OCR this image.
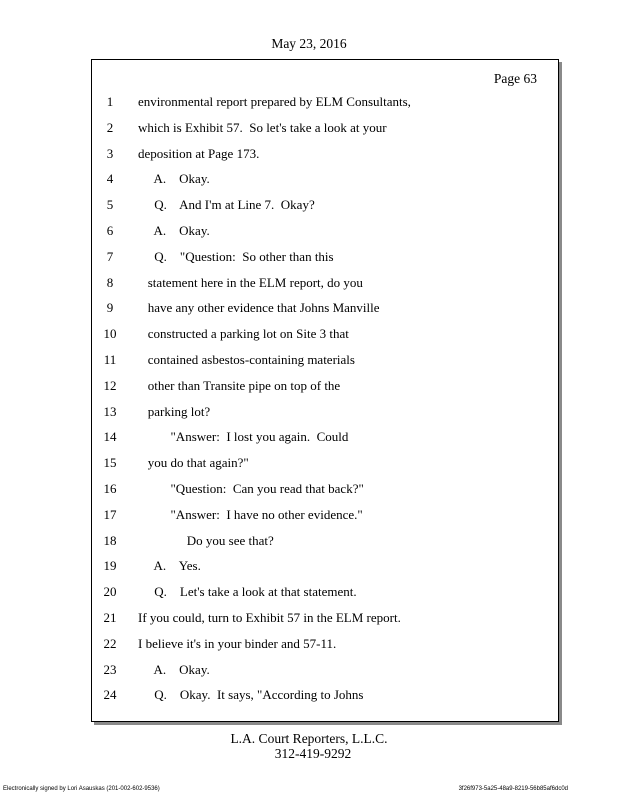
May 23, 2016
Page 63
1	environmental report prepared by ELM Consultants,
2	which is Exhibit 57.  So let's take a look at your
3	deposition at Page 173.
4	A.    Okay.
5	Q.    And I'm at Line 7.  Okay?
6	A.    Okay.
7	Q.    "Question:  So other than this
8	statement here in the ELM report, do you
9	have any other evidence that Johns Manville
10	constructed a parking lot on Site 3 that
11	contained asbestos-containing materials
12	other than Transite pipe on top of the
13	parking lot?
14	"Answer:  I lost you again.  Could
15	you do that again?"
16	"Question:  Can you read that back?"
17	"Answer:  I have no other evidence."
18	Do you see that?
19	A.    Yes.
20	Q.    Let's take a look at that statement.
21	If you could, turn to Exhibit 57 in the ELM report.
22	I believe it's in your binder and 57-11.
23	A.    Okay.
24	Q.    Okay.  It says, "According to Johns
L.A. Court Reporters, L.L.C.
312-419-9292
Electronically signed by Lori Asauskas (201-002-602-9536)	3f26f973-5a25-48a9-8219-56b85af6dc0d
